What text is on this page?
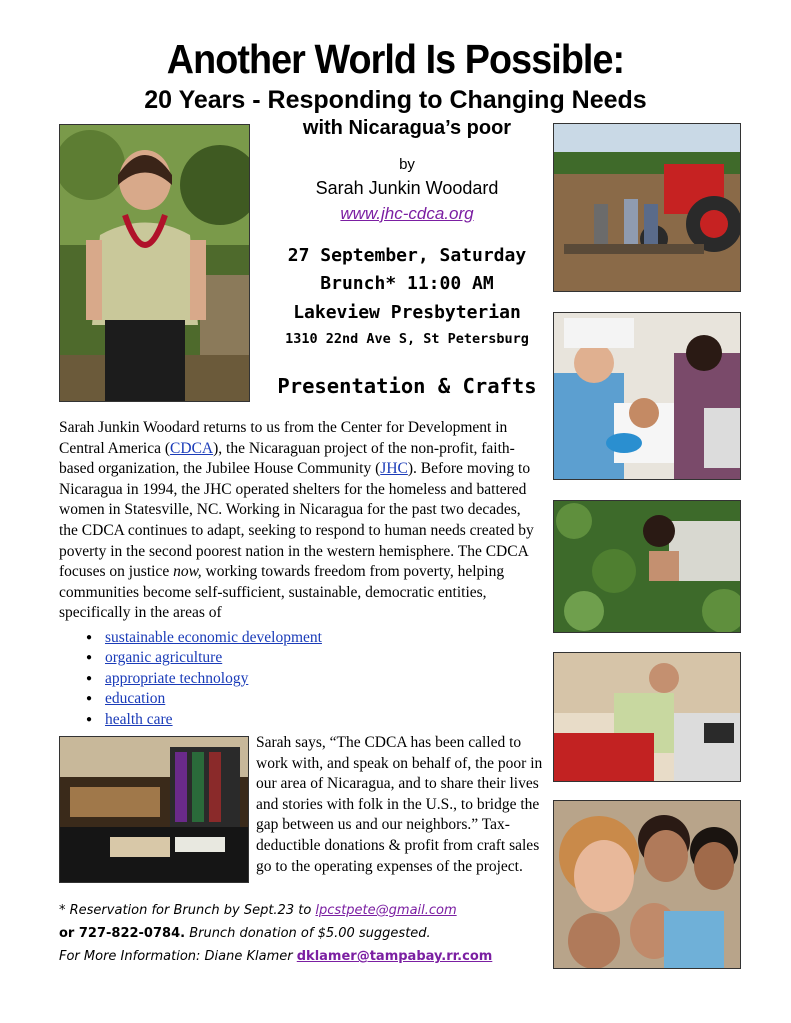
Another World Is Possible:
20 Years - Responding to Changing Needs
with Nicaragua’s poor
by
Sarah Junkin Woodard
www.jhc-cdca.org
27 September, Saturday
Brunch* 11:00 AM
Lakeview Presbyterian
1310 22nd Ave S, St Petersburg
Presentation & Crafts
Sarah Junkin Woodard returns to us from the Center for Development in Central America (CDCA), the Nicaraguan project of the non-profit, faith-based organization, the Jubilee House Community (JHC). Before moving to Nicaragua in 1994, the JHC operated shelters for the homeless and battered women in Statesville, NC. Working in Nicaragua for the past two decades, the CDCA continues to adapt, seeking to respond to human needs created by poverty in the second poorest nation in the western hemisphere. The CDCA focuses on justice now, working towards freedom from poverty, helping communities become self-sufficient, sustainable, democratic entities, specifically in the areas of
● sustainable economic development
● organic agriculture
● appropriate technology
● education
● health care
Sarah says, “The CDCA has been called to work with, and speak on behalf of, the poor in our area of Nicaragua, and to share their lives and stories with folk in the U.S., to bridge the gap between us and our neighbors.” Tax-deductible donations & profit from craft sales go to the operating expenses of the project.
* Reservation for Brunch by Sept.23 to lpcstpete@gmail.com
or 727-822-0784. Brunch donation of $5.00 suggested.
For More Information: Diane Klamer dklamer@tampabay.rr.com
